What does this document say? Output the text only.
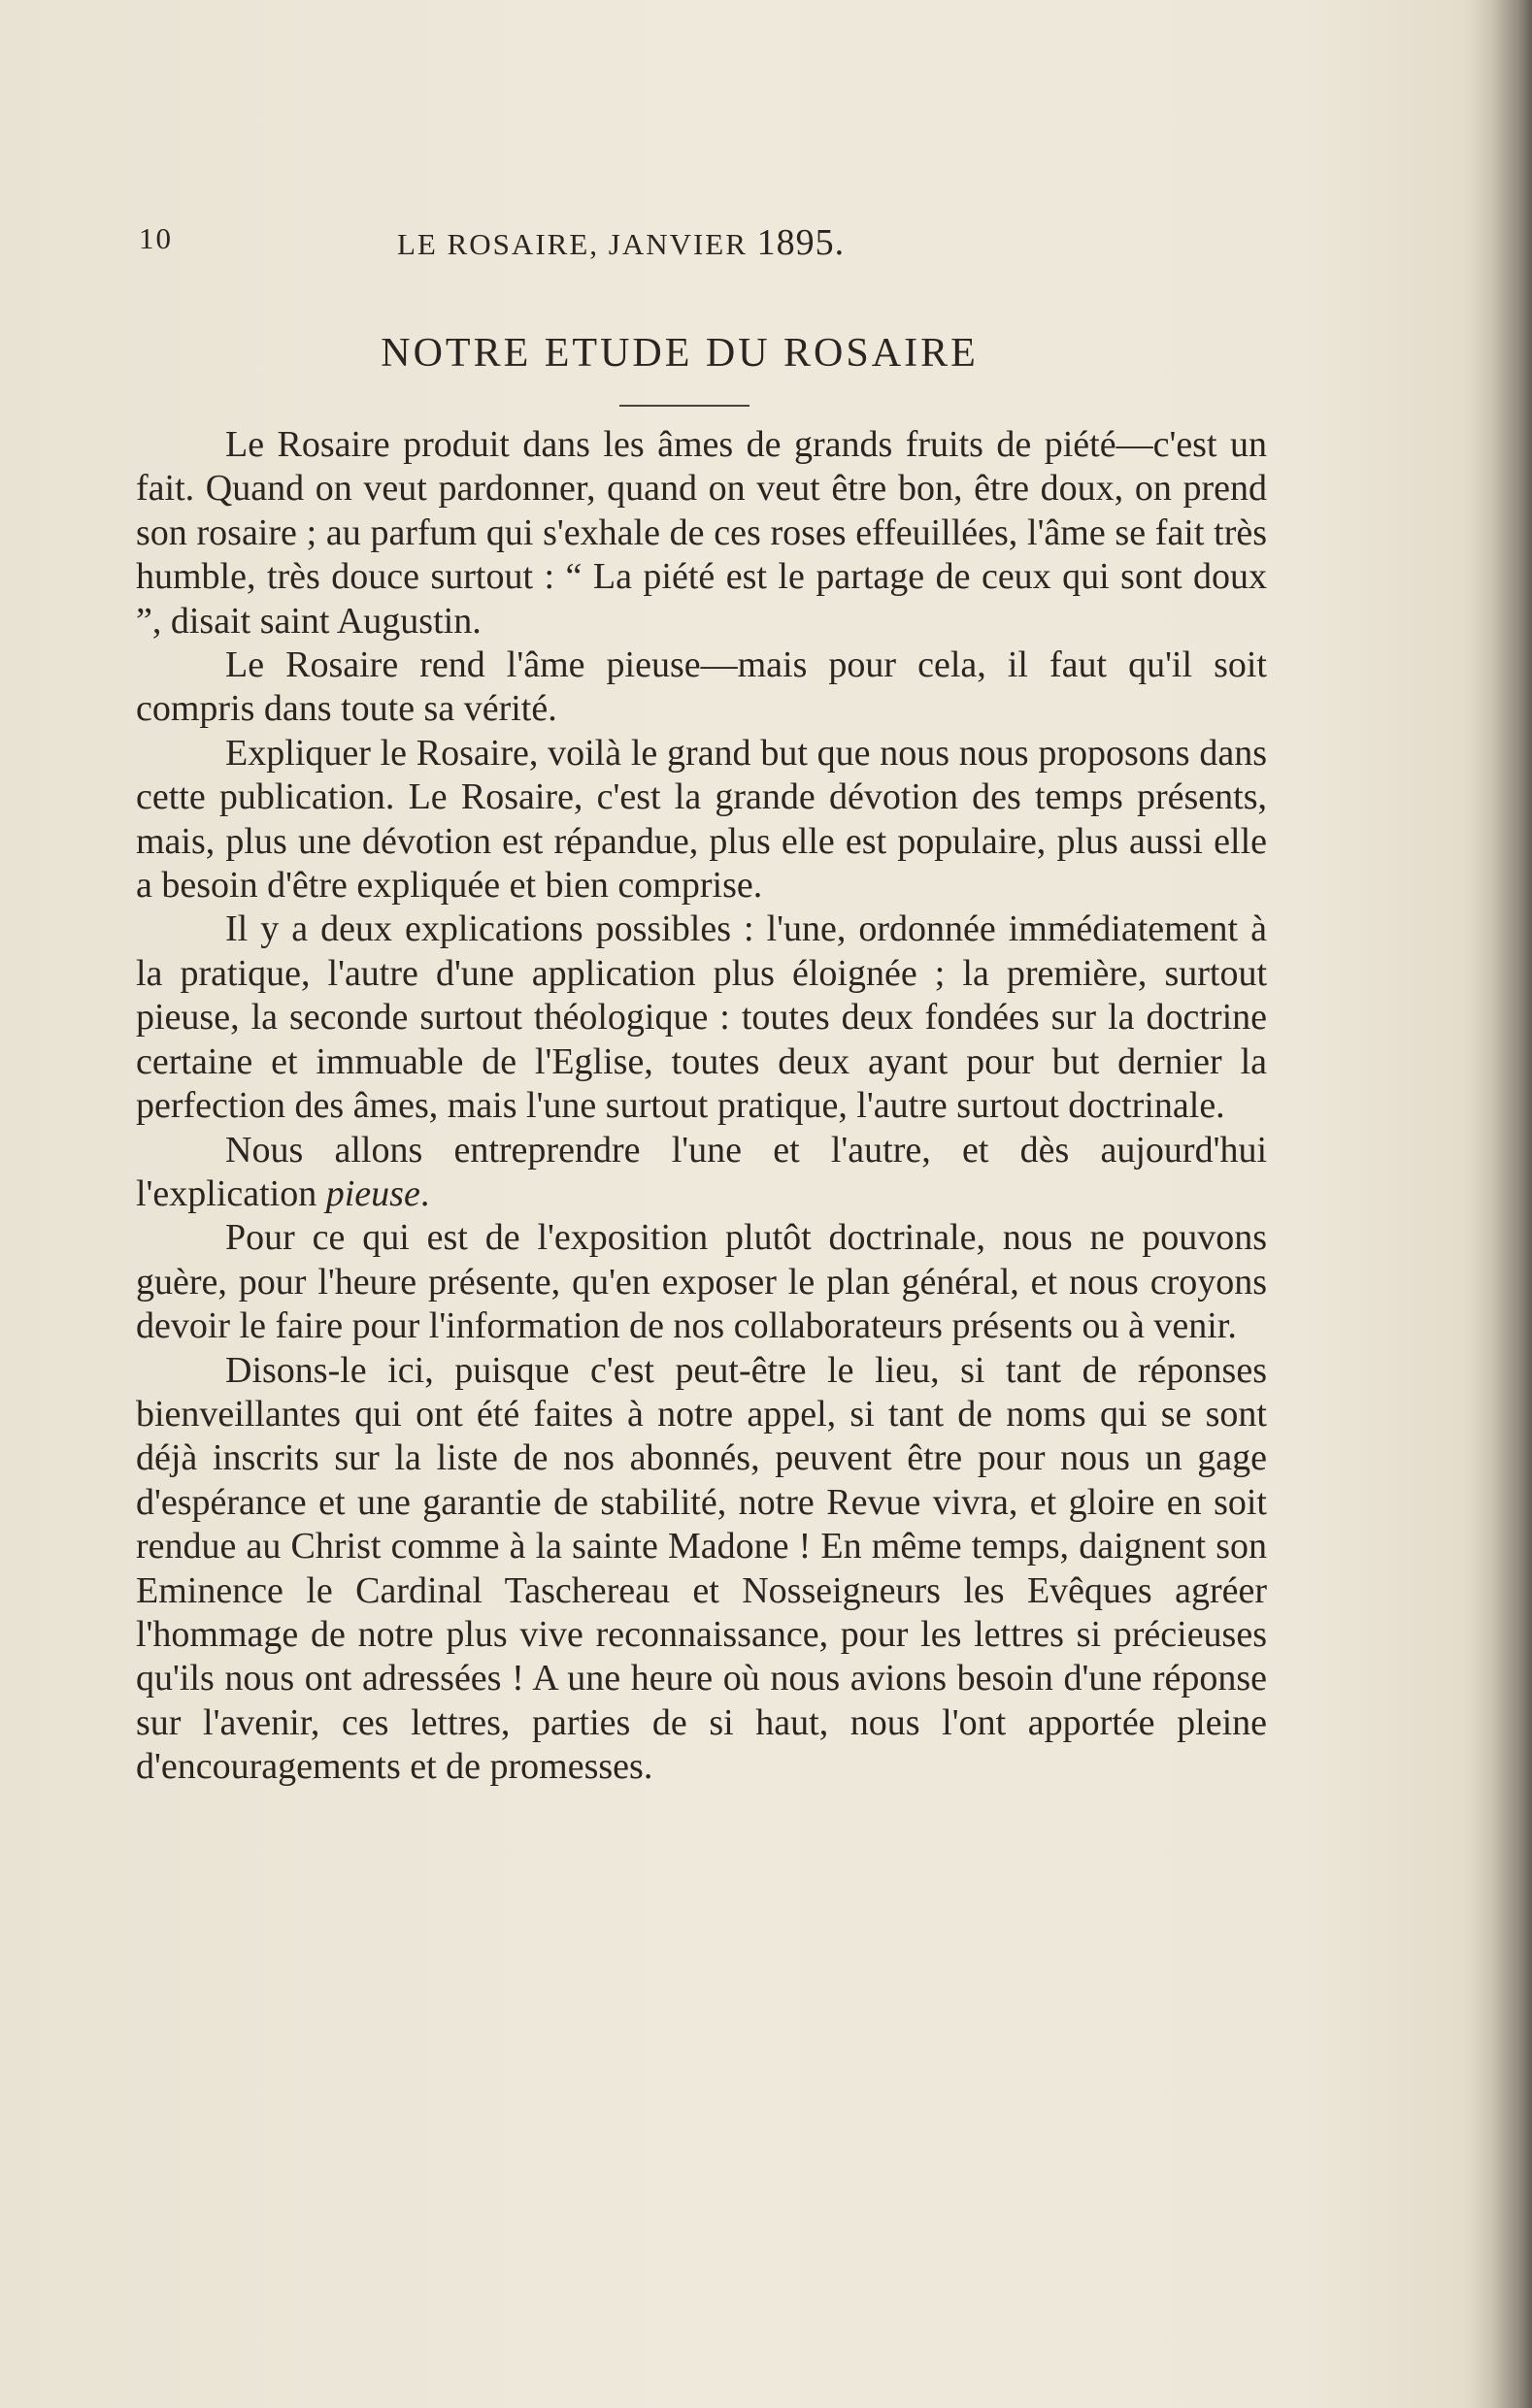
10	LE ROSAIRE, JANVIER 1895.
NOTRE ETUDE DU ROSAIRE

Le Rosaire produit dans les âmes de grands fruits de piété—c'est un fait. Quand on veut pardonner, quand on veut être bon, être doux, on prend son rosaire ; au parfum qui s'exhale de ces roses effeuillées, l'âme se fait très humble, très douce surtout : “ La piété est le partage de ceux qui sont doux ”, disait saint Augustin.

Le Rosaire rend l'âme pieuse—mais pour cela, il faut qu'il soit compris dans toute sa vérité.

Expliquer le Rosaire, voilà le grand but que nous nous proposons dans cette publication. Le Rosaire, c'est la grande dévotion des temps présents, mais, plus une dévotion est répandue, plus elle est populaire, plus aussi elle a besoin d'être expliquée et bien comprise.

Il y a deux explications possibles : l'une, ordonnée immédiatement à la pratique, l'autre d'une application plus éloignée ; la première, surtout pieuse, la seconde surtout théologique : toutes deux fondées sur la doctrine certaine et immuable de l'Eglise, toutes deux ayant pour but dernier la perfection des âmes, mais l'une surtout pratique, l'autre surtout doctrinale.

Nous allons entreprendre l'une et l'autre, et dès aujourd'hui l'explication pieuse.

Pour ce qui est de l'exposition plutôt doctrinale, nous ne pouvons guère, pour l'heure présente, qu'en exposer le plan général, et nous croyons devoir le faire pour l'information de nos collaborateurs présents ou à venir.

Disons-le ici, puisque c'est peut-être le lieu, si tant de réponses bienveillantes qui ont été faites à notre appel, si tant de noms qui se sont déjà inscrits sur la liste de nos abonnés, peuvent être pour nous un gage d'espérance et une garantie de stabilité, notre Revue vivra, et gloire en soit rendue au Christ comme à la sainte Madone ! En même temps, daignent son Eminence le Cardinal Taschereau et Nosseigneurs les Evêques agréer l'hommage de notre plus vive reconnaissance, pour les lettres si précieuses qu'ils nous ont adressées ! A une heure où nous avions besoin d'une réponse sur l'avenir, ces lettres, parties de si haut, nous l'ont apportée pleine d'encouragements et de promesses.
